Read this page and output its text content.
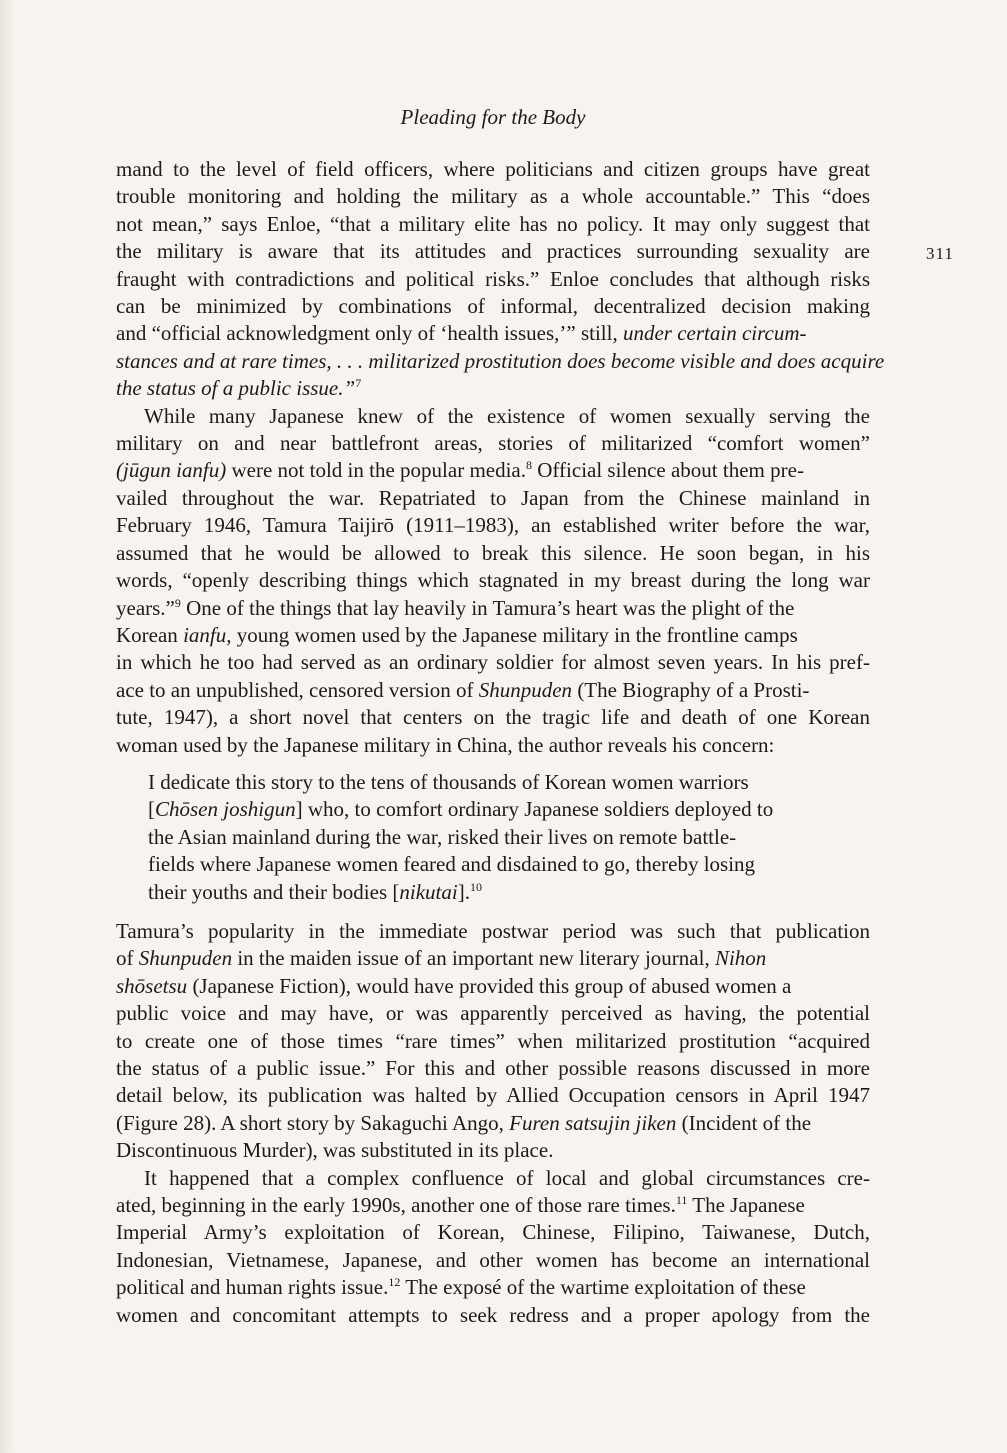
Pleading for the Body
311
mand to the level of field officers, where politicians and citizen groups have great
trouble monitoring and holding the military as a whole accountable.” This “does
not mean,” says Enloe, “that a military elite has no policy. It may only suggest that
the military is aware that its attitudes and practices surrounding sexuality are
fraught with contradictions and political risks.” Enloe concludes that although risks
can be minimized by combinations of informal, decentralized decision making
and “official acknowledgment only of ‘health issues,’” still, under certain circum-
stances and at rare times, . . . militarized prostitution does become visible and does acquire
the status of a public issue.”$^7$
While many Japanese knew of the existence of women sexually serving the
military on and near battlefront areas, stories of militarized “comfort women”
(jūgun ianfu) were not told in the popular media.$^8$ Official silence about them pre-
vailed throughout the war. Repatriated to Japan from the Chinese mainland in
February 1946, Tamura Taijirō (1911–1983), an established writer before the war,
assumed that he would be allowed to break this silence. He soon began, in his
words, “openly describing things which stagnated in my breast during the long war
years.”$^9$ One of the things that lay heavily in Tamura’s heart was the plight of the
Korean ianfu, young women used by the Japanese military in the frontline camps
in which he too had served as an ordinary soldier for almost seven years. In his pref-
ace to an unpublished, censored version of Shunpuden (The Biography of a Prosti-
tute, 1947), a short novel that centers on the tragic life and death of one Korean
woman used by the Japanese military in China, the author reveals his concern:
I dedicate this story to the tens of thousands of Korean women warriors
[Chōsen joshigun] who, to comfort ordinary Japanese soldiers deployed to
the Asian mainland during the war, risked their lives on remote battle-
fields where Japanese women feared and disdained to go, thereby losing
their youths and their bodies [nikutai].$^{10}$
Tamura’s popularity in the immediate postwar period was such that publication
of Shunpuden in the maiden issue of an important new literary journal, Nihon
shōsetsu (Japanese Fiction), would have provided this group of abused women a
public voice and may have, or was apparently perceived as having, the potential
to create one of those times “rare times” when militarized prostitution “acquired
the status of a public issue.” For this and other possible reasons discussed in more
detail below, its publication was halted by Allied Occupation censors in April 1947
(Figure 28). A short story by Sakaguchi Ango, Furen satsujin jiken (Incident of the
Discontinuous Murder), was substituted in its place.
It happened that a complex confluence of local and global circumstances cre-
ated, beginning in the early 1990s, another one of those rare times.$^{11}$ The Japanese
Imperial Army’s exploitation of Korean, Chinese, Filipino, Taiwanese, Dutch,
Indonesian, Vietnamese, Japanese, and other women has become an international
political and human rights issue.$^{12}$ The exposé of the wartime exploitation of these
women and concomitant attempts to seek redress and a proper apology from the
